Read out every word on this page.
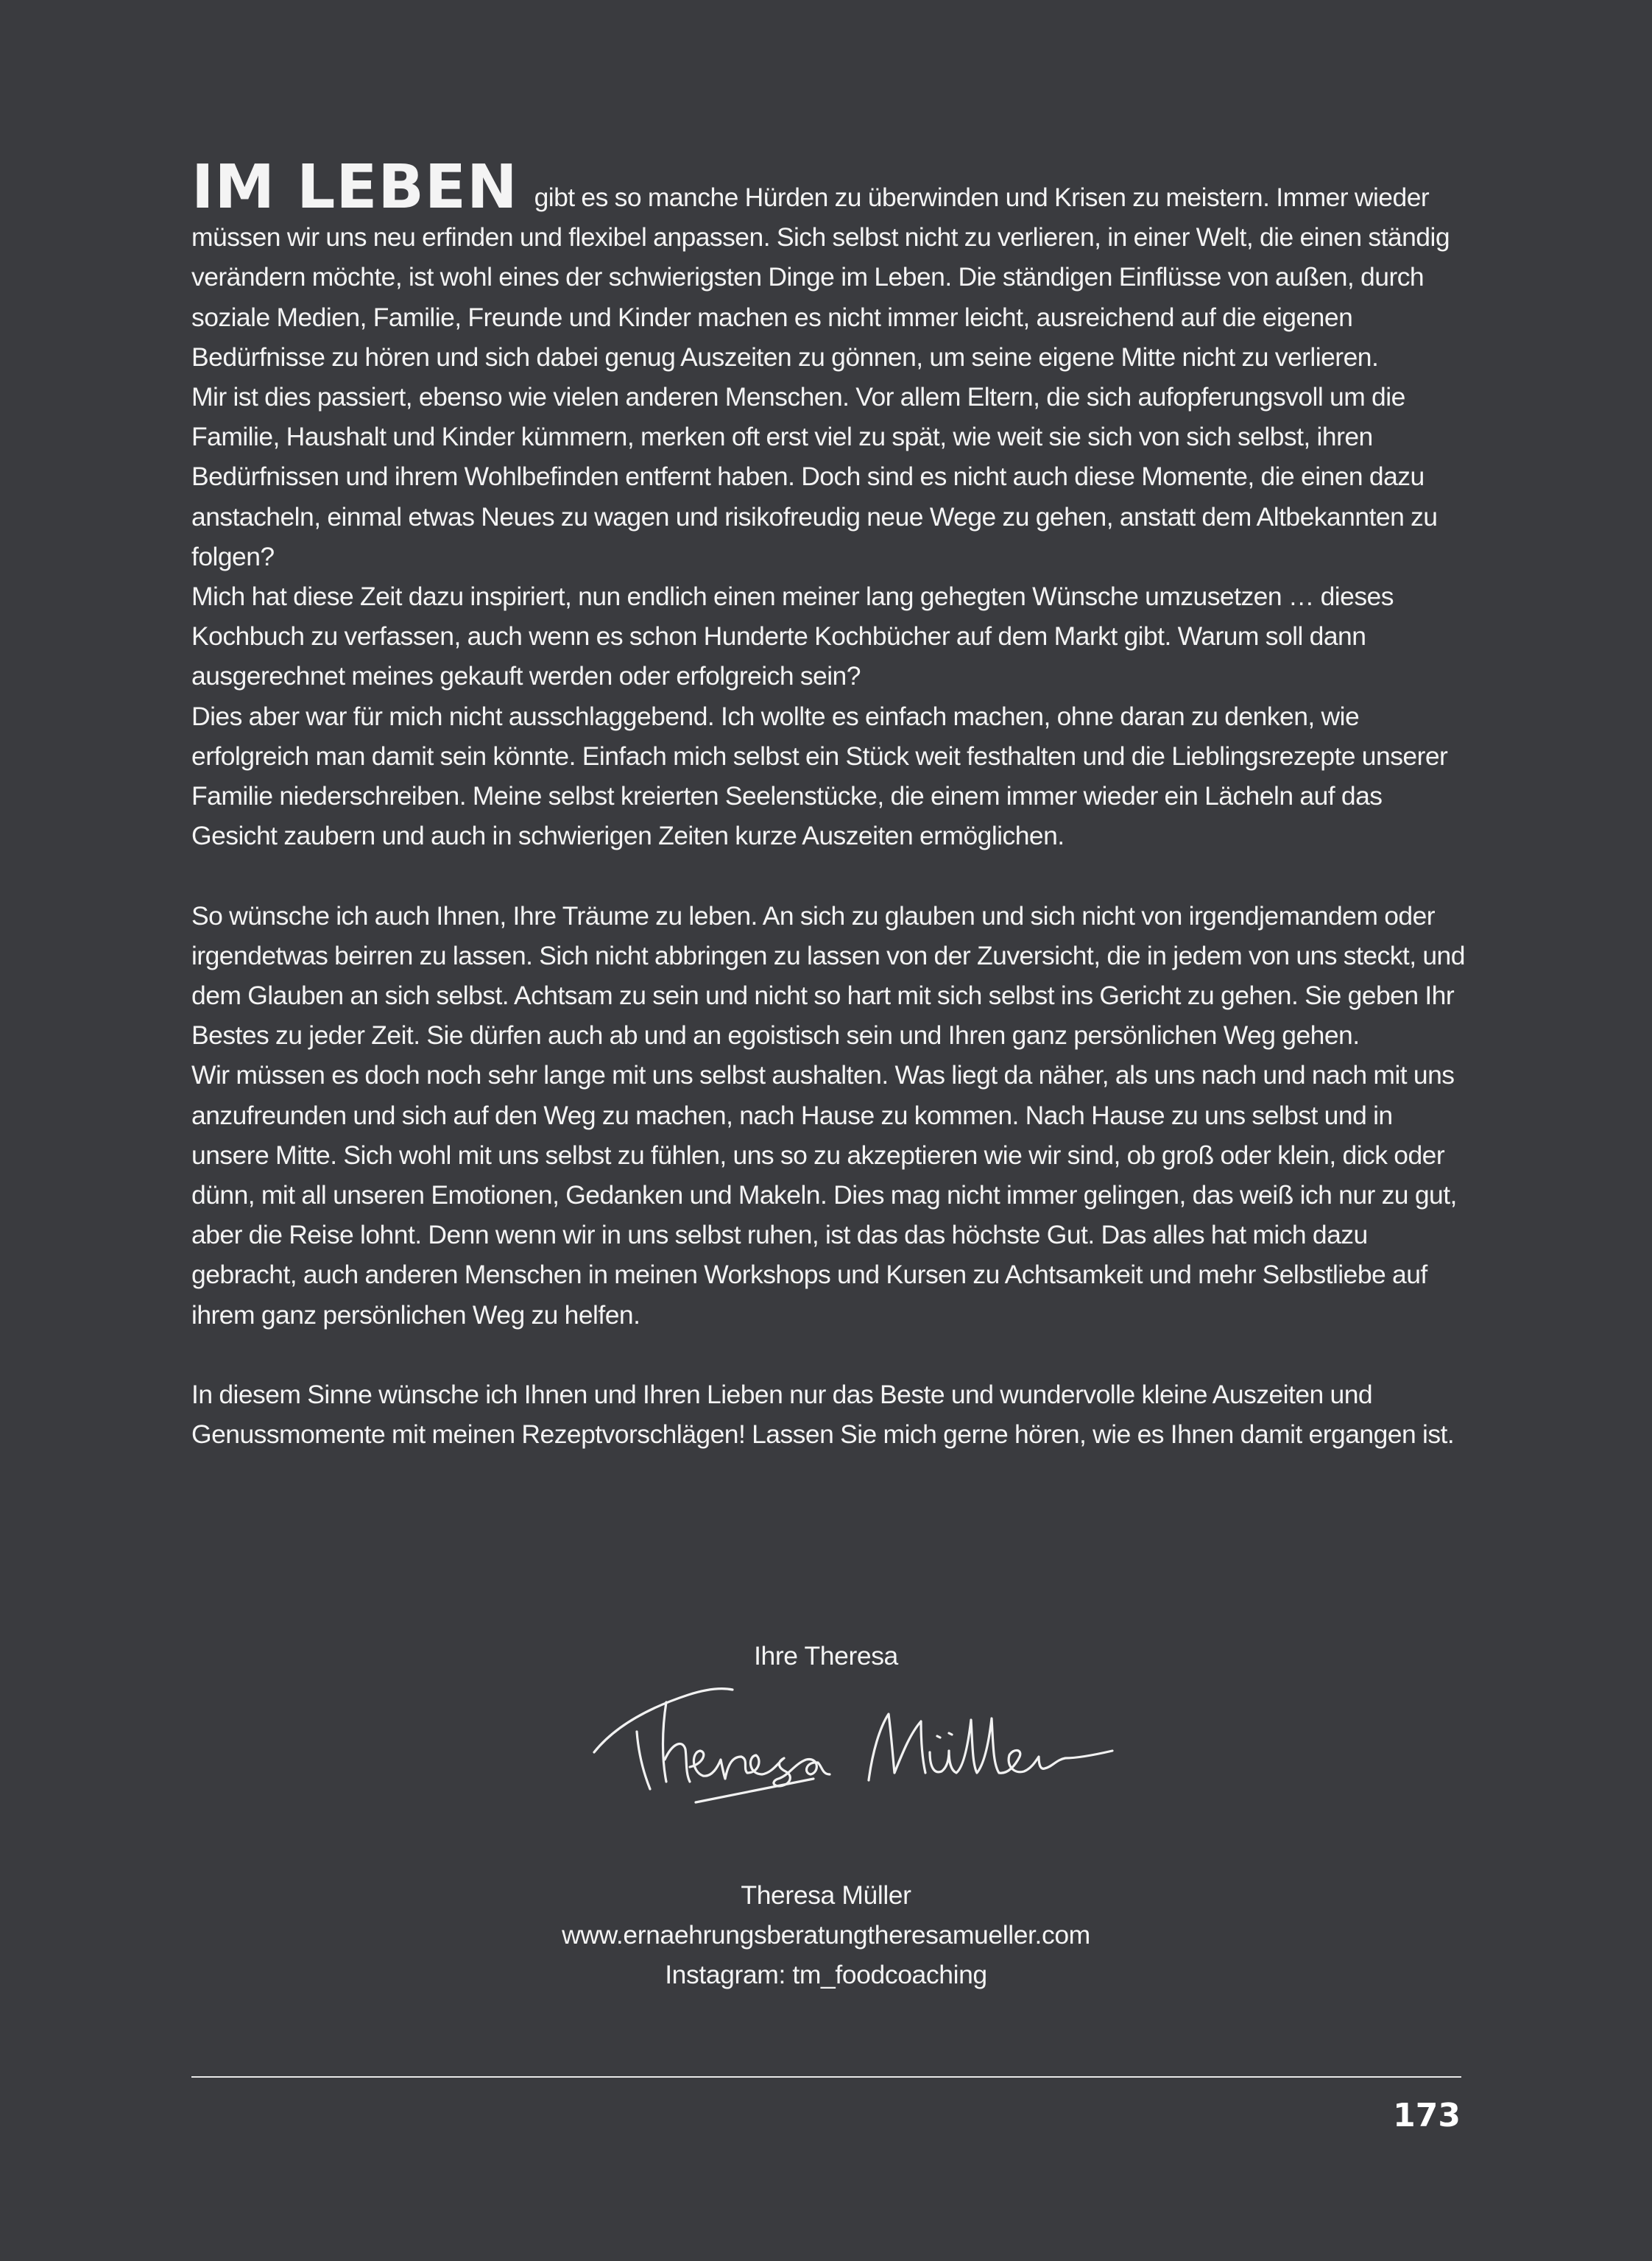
IM LEBEN gibt es so manche Hürden zu überwinden und Krisen zu meistern. Immer wieder müssen wir uns neu erfinden und flexibel anpassen. Sich selbst nicht zu verlieren, in einer Welt, die einen ständig verändern möchte, ist wohl eines der schwierigsten Dinge im Leben. Die ständigen Einflüsse von außen, durch soziale Medien, Familie, Freunde und Kinder machen es nicht immer leicht, ausreichend auf die eigenen Bedürfnisse zu hören und sich dabei genug Auszeiten zu gönnen, um seine eigene Mitte nicht zu verlieren.

Mir ist dies passiert, ebenso wie vielen anderen Menschen. Vor allem Eltern, die sich aufopferungsvoll um die Familie, Haushalt und Kinder kümmern, merken oft erst viel zu spät, wie weit sie sich von sich selbst, ihren Bedürfnissen und ihrem Wohlbefinden entfernt haben. Doch sind es nicht auch diese Momente, die einen dazu anstacheln, einmal etwas Neues zu wagen und risikofreudig neue Wege zu gehen, anstatt dem Altbekannten zu folgen?

Mich hat diese Zeit dazu inspiriert, nun endlich einen meiner lang gehegten Wünsche umzusetzen … dieses Kochbuch zu verfassen, auch wenn es schon Hunderte Kochbücher auf dem Markt gibt. Warum soll dann ausgerechnet meines gekauft werden oder erfolgreich sein?

Dies aber war für mich nicht ausschlaggebend. Ich wollte es einfach machen, ohne daran zu denken, wie erfolgreich man damit sein könnte. Einfach mich selbst ein Stück weit festhalten und die Lieblingsrezepte unserer Familie niederschreiben. Meine selbst kreierten Seelenstücke, die einem immer wieder ein Lächeln auf das Gesicht zaubern und auch in schwierigen Zeiten kurze Auszeiten ermöglichen.

So wünsche ich auch Ihnen, Ihre Träume zu leben. An sich zu glauben und sich nicht von irgendjemandem oder irgendetwas beirren zu lassen. Sich nicht abbringen zu lassen von der Zuversicht, die in jedem von uns steckt, und dem Glauben an sich selbst. Achtsam zu sein und nicht so hart mit sich selbst ins Gericht zu gehen. Sie geben Ihr Bestes zu jeder Zeit. Sie dürfen auch ab und an egoistisch sein und Ihren ganz persönlichen Weg gehen.

Wir müssen es doch noch sehr lange mit uns selbst aushalten. Was liegt da näher, als uns nach und nach mit uns anzufreunden und sich auf den Weg zu machen, nach Hause zu kommen. Nach Hause zu uns selbst und in unsere Mitte. Sich wohl mit uns selbst zu fühlen, uns so zu akzeptieren wie wir sind, ob groß oder klein, dick oder dünn, mit all unseren Emotionen, Gedanken und Makeln. Dies mag nicht immer gelingen, das weiß ich nur zu gut, aber die Reise lohnt. Denn wenn wir in uns selbst ruhen, ist das das höchste Gut. Das alles hat mich dazu gebracht, auch anderen Menschen in meinen Workshops und Kursen zu Achtsamkeit und mehr Selbstliebe auf ihrem ganz persönlichen Weg zu helfen.

In diesem Sinne wünsche ich Ihnen und Ihren Lieben nur das Beste und wundervolle kleine Auszeiten und Genussmomente mit meinen Rezeptvorschlägen! Lassen Sie mich gerne hören, wie es Ihnen damit ergangen ist.

Ihre Theresa
Theresa Müller
www.ernaehrungsberatungtheresamueller.com
Instagram: tm_foodcoaching
173
